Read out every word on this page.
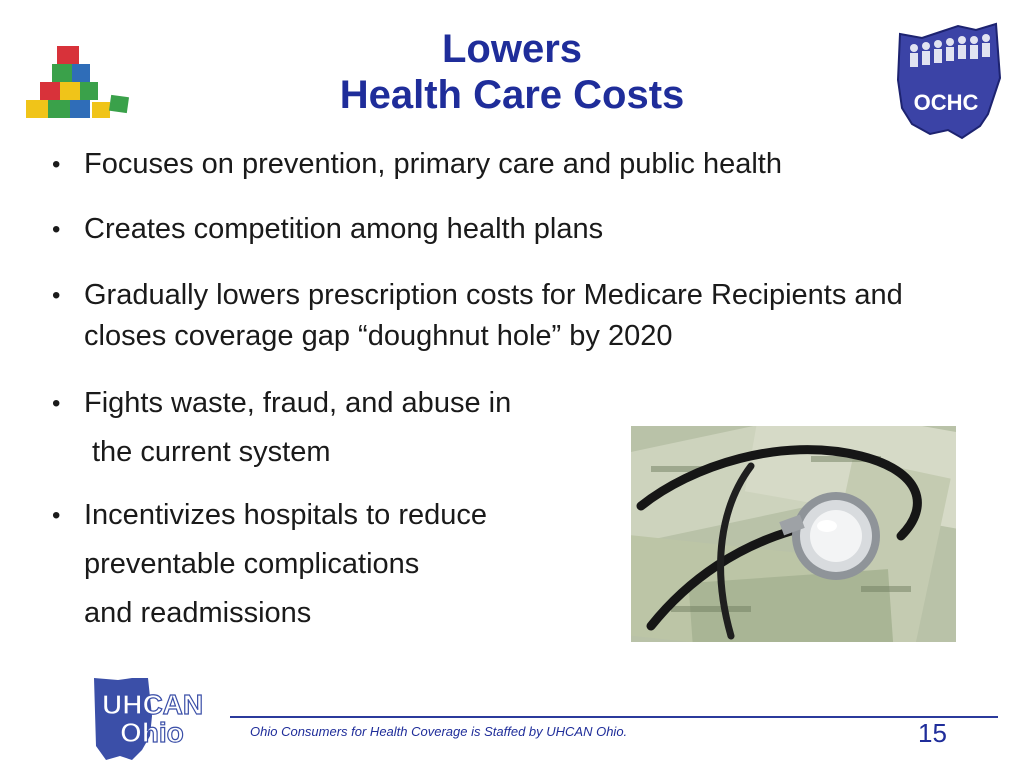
Lowers
Health Care Costs	OCHC
• Focuses on prevention, primary care and public health
• Creates competition among health plans
• Gradually lowers prescription costs for Medicare Recipients and closes coverage gap “doughnut hole” by 2020
• Fights waste, fraud, and abuse in
the current system
• Incentivizes hospitals to reduce
preventable complications
and readmissions
UHCAN
Ohio	Ohio Consumers for Health Coverage is Staffed by UHCAN Ohio.	15
